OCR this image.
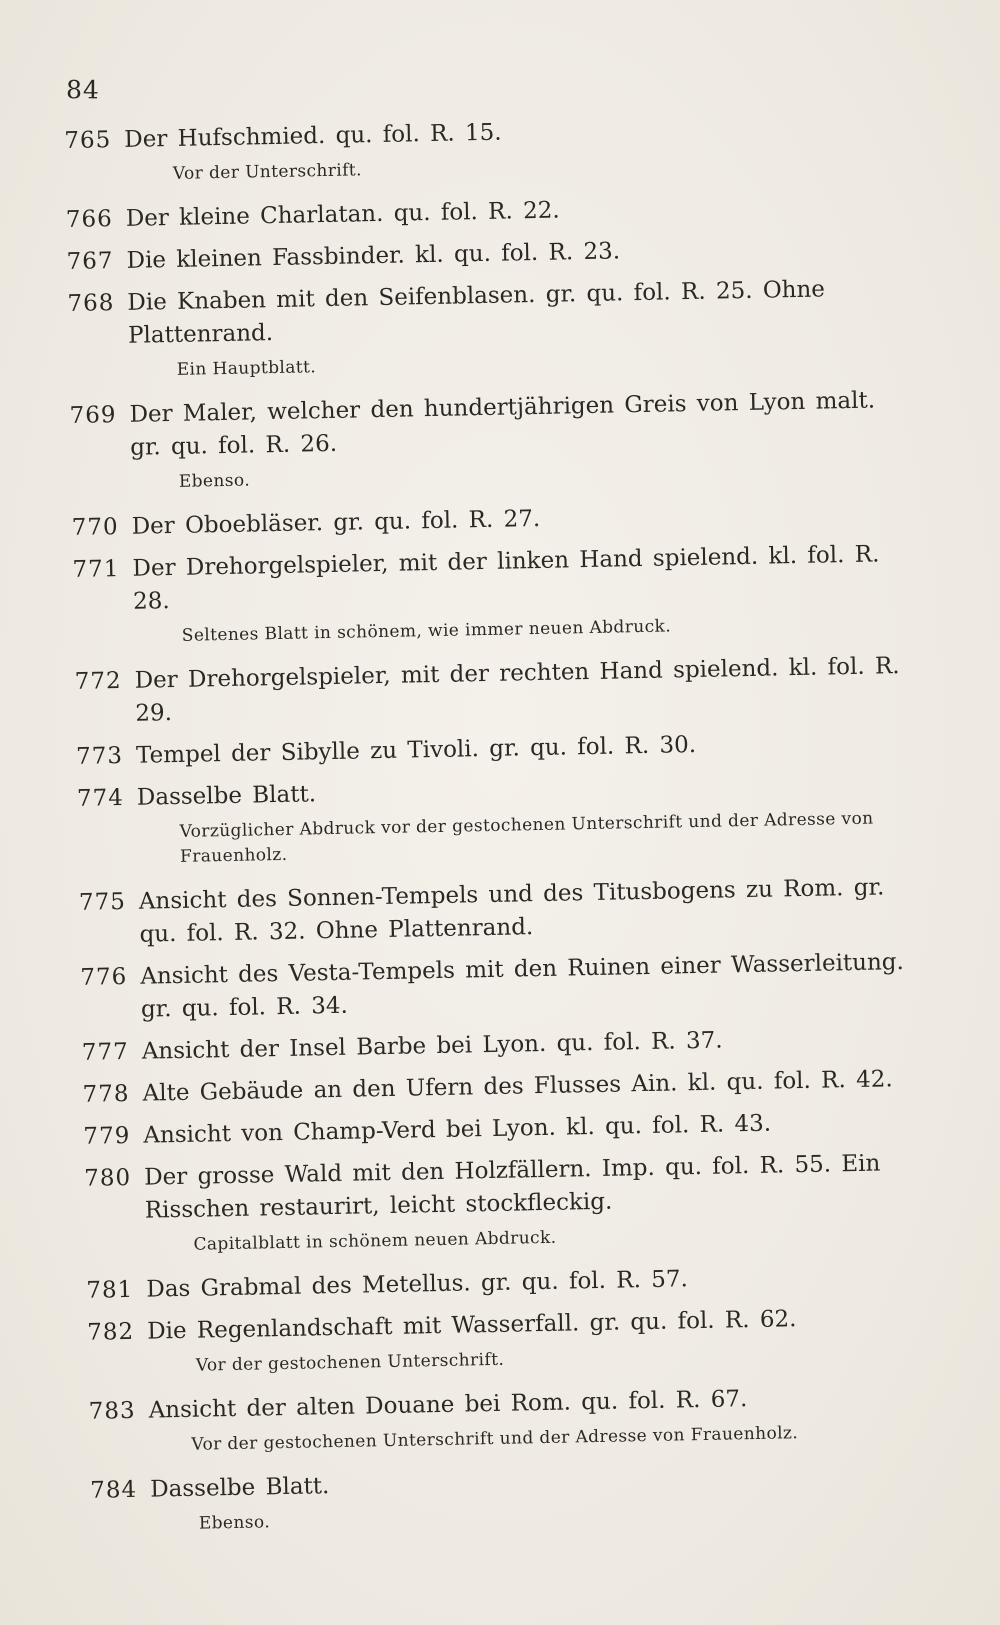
84
765 Der Hufschmied. qu. fol. R. 15.
Vor der Unterschrift.
766 Der kleine Charlatan. qu. fol. R. 22.
767 Die kleinen Fassbinder. kl. qu. fol. R. 23.
768 Die Knaben mit den Seifenblasen. gr. qu. fol. R. 25. Ohne Plattenrand.
Ein Hauptblatt.
769 Der Maler, welcher den hundertjährigen Greis von Lyon malt. gr. qu. fol. R. 26.
Ebenso.
770 Der Oboebläser. gr. qu. fol. R. 27.
771 Der Drehorgelspieler, mit der linken Hand spielend. kl. fol. R. 28.
Seltenes Blatt in schönem, wie immer neuen Abdruck.
772 Der Drehorgelspieler, mit der rechten Hand spielend. kl. fol. R. 29.
773 Tempel der Sibylle zu Tivoli. gr. qu. fol. R. 30.
774 Dasselbe Blatt.
Vorzüglicher Abdruck vor der gestochenen Unterschrift und der Adresse von Frauenholz.
775 Ansicht des Sonnen-Tempels und des Titusbogens zu Rom. gr. qu. fol. R. 32. Ohne Plattenrand.
776 Ansicht des Vesta-Tempels mit den Ruinen einer Wasserleitung. gr. qu. fol. R. 34.
777 Ansicht der Insel Barbe bei Lyon. qu. fol. R. 37.
778 Alte Gebäude an den Ufern des Flusses Ain. kl. qu. fol. R. 42.
779 Ansicht von Champ-Verd bei Lyon. kl. qu. fol. R. 43.
780 Der grosse Wald mit den Holzfällern. Imp. qu. fol. R. 55. Ein Risschen restaurirt, leicht stockfleckig.
Capitalblatt in schönem neuen Abdruck.
781 Das Grabmal des Metellus. gr. qu. fol. R. 57.
782 Die Regenlandschaft mit Wasserfall. gr. qu. fol. R. 62.
Vor der gestochenen Unterschrift.
783 Ansicht der alten Douane bei Rom. qu. fol. R. 67.
Vor der gestochenen Unterschrift und der Adresse von Frauenholz.
784 Dasselbe Blatt.
Ebenso.
